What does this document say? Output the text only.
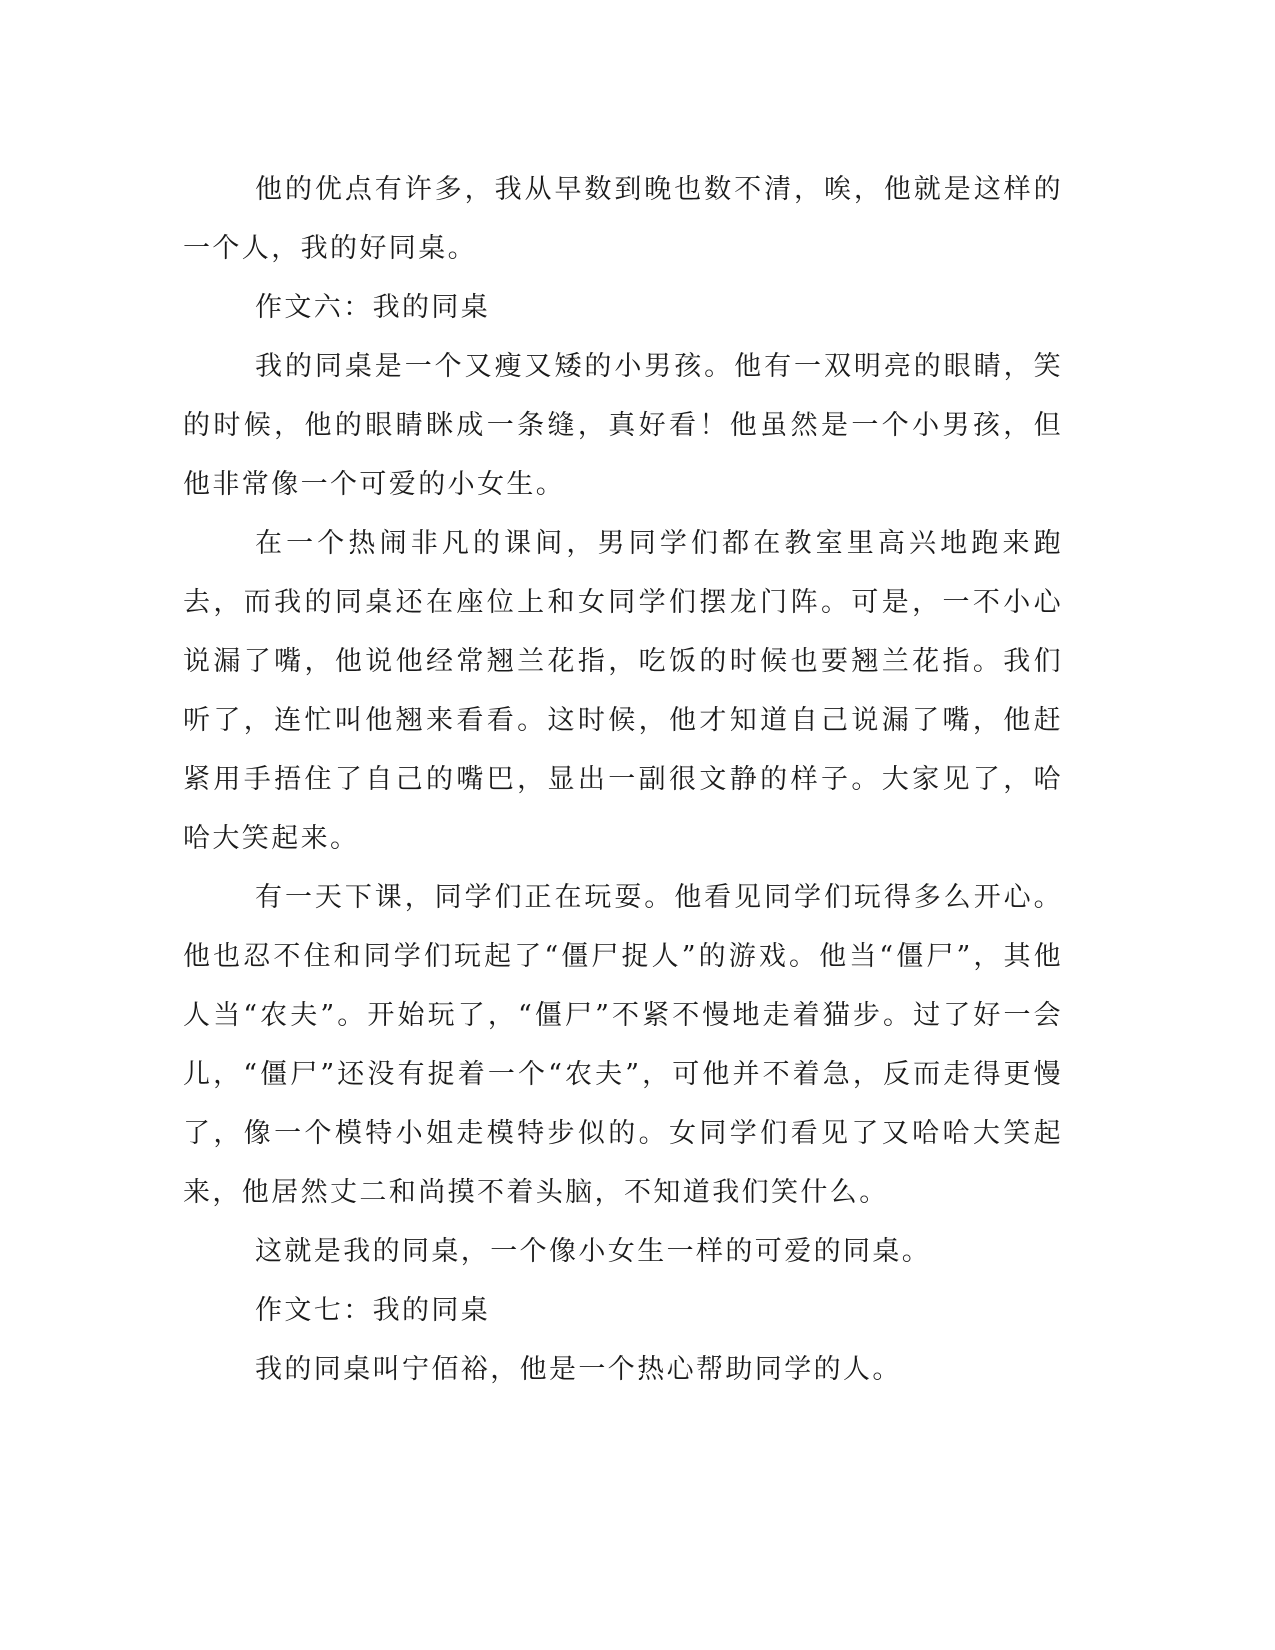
他的优点有许多，我从早数到晚也数不清，唉，他就是这样的一个人，我的好同桌。

作文六：我的同桌

我的同桌是一个又瘦又矮的小男孩。他有一双明亮的眼睛，笑的时候，他的眼睛眯成一条缝，真好看！他虽然是一个小男孩，但他非常像一个可爱的小女生。

在一个热闹非凡的课间，男同学们都在教室里高兴地跑来跑去，而我的同桌还在座位上和女同学们摆龙门阵。可是，一不小心说漏了嘴，他说他经常翘兰花指，吃饭的时候也要翘兰花指。我们听了，连忙叫他翘来看看。这时候，他才知道自己说漏了嘴，他赶紧用手捂住了自己的嘴巴，显出一副很文静的样子。大家见了，哈哈大笑起来。

有一天下课，同学们正在玩耍。他看见同学们玩得多么开心。他也忍不住和同学们玩起了“僵尸捉人”的游戏。他当“僵尸”，其他人当“农夫”。开始玩了，“僵尸”不紧不慢地走着猫步。过了好一会儿，“僵尸”还没有捉着一个“农夫”，可他并不着急，反而走得更慢了，像一个模特小姐走模特步似的。女同学们看见了又哈哈大笑起来，他居然丈二和尚摸不着头脑，不知道我们笑什么。

这就是我的同桌，一个像小女生一样的可爱的同桌。

作文七：我的同桌

我的同桌叫宁佰裕，他是一个热心帮助同学的人。
